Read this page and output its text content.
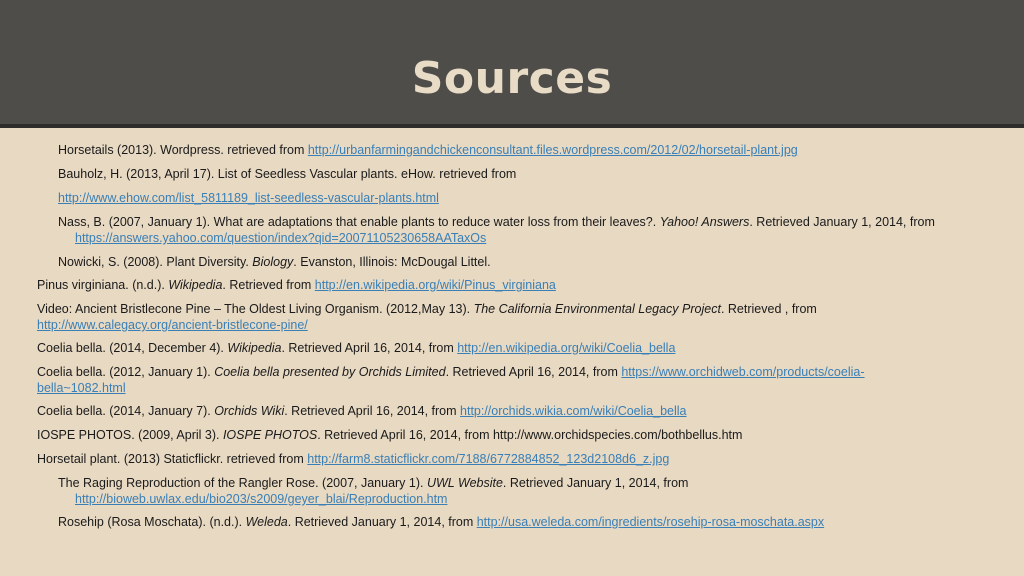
Sources
Horsetails (2013). Wordpress. retrieved from http://urbanfarmingandchickenconsultant.files.wordpress.com/2012/02/horsetail-plant.jpg
Bauholz, H. (2013, April 17). List of Seedless Vascular plants. eHow. retrieved from
http://www.ehow.com/list_5811189_list-seedless-vascular-plants.html
Nass, B. (2007, January 1). What are adaptations that enable plants to reduce water loss from their leaves?. Yahoo! Answers. Retrieved January 1, 2014, from
https://answers.yahoo.com/question/index?qid=20071105230658AATaxOs
Nowicki, S. (2008). Plant Diversity. Biology. Evanston, Illinois: McDougal Littel.
Pinus virginiana. (n.d.). Wikipedia. Retrieved from http://en.wikipedia.org/wiki/Pinus_virginiana
Video: Ancient Bristlecone Pine – The Oldest Living Organism. (2012,May 13). The California Environmental Legacy Project. Retrieved , from
http://www.calegacy.org/ancient-bristlecone-pine/
Coelia bella. (2014, December 4). Wikipedia. Retrieved April 16, 2014, from http://en.wikipedia.org/wiki/Coelia_bella
Coelia bella. (2012, January 1). Coelia bella presented by Orchids Limited. Retrieved April 16, 2014, from https://www.orchidweb.com/products/coelia-
bella~1082.html
Coelia bella. (2014, January 7). Orchids Wiki. Retrieved April 16, 2014, from http://orchids.wikia.com/wiki/Coelia_bella
IOSPE PHOTOS. (2009, April 3). IOSPE PHOTOS. Retrieved April 16, 2014, from http://www.orchidspecies.com/bothbellus.htm
Horsetail plant. (2013) Staticflickr. retrieved from http://farm8.staticflickr.com/7188/6772884852_123d2108d6_z.jpg
The Raging Reproduction of the Rangler Rose. (2007, January 1). UWL Website. Retrieved January 1, 2014, from
http://bioweb.uwlax.edu/bio203/s2009/geyer_blai/Reproduction.htm
Rosehip (Rosa Moschata). (n.d.). Weleda. Retrieved January 1, 2014, from http://usa.weleda.com/ingredients/rosehip-rosa-moschata.aspx
